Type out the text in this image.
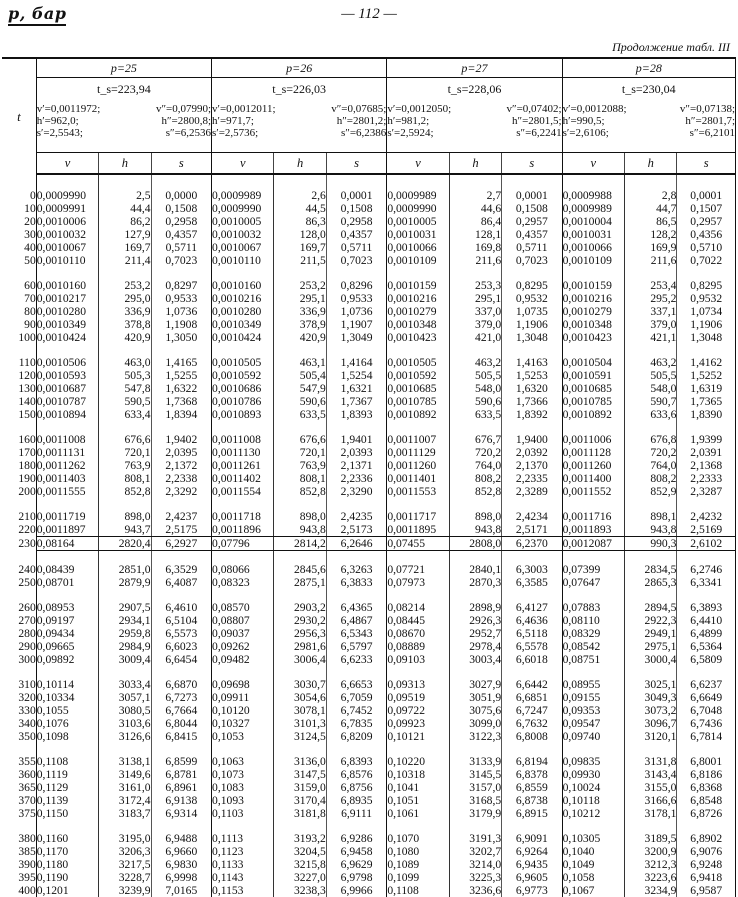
p, бар	— 112 —
Продолжение табл. III
t	p=25			p=26			p=27			p=28		

t_s=223,94
v′=0,0011972;	v″=0,07990;
h′=962,0;	h″=2800,8;
s′=2,5543;	s″=6,2536

t_s=226,03
v′=0,0012011;	v″=0,07685;
h′=971,7;	h″=2801,2;
s′=2,5736;	s″=6,2386

t_s=228,06
v′=0,0012050;	v″=0,07402;
h′=981,2;	h″=2801,5;
s′=2,5924;	s″=6,2241

t_s=230,04
v′=0,0012088;	v″=0,07138;
h′=990,5;	h″=2801,7;
s′=2,6106;	s″=6,2101

	v	h	s	v	h	s	v	h	s	v	h	s

0	0,0009990	2,5	0,0000	0,0009989	2,6	0,0001	0,0009989	2,7	0,0001	0,0009988	2,8	0,0001
10	0,0009991	44,4	0,1508	0,0009990	44,5	0,1508	0,0009990	44,6	0,1508	0,0009989	44,7	0,1507
20	0,0010006	86,2	0,2958	0,0010005	86,3	0,2958	0,0010005	86,4	0,2957	0,0010004	86,5	0,2957
30	0,0010032	127,9	0,4357	0,0010032	128,0	0,4357	0,0010031	128,1	0,4357	0,0010031	128,2	0,4356
40	0,0010067	169,7	0,5711	0,0010067	169,7	0,5711	0,0010066	169,8	0,5711	0,0010066	169,9	0,5710
50	0,0010110	211,4	0,7023	0,0010110	211,5	0,7023	0,0010109	211,6	0,7023	0,0010109	211,6	0,7022

60	0,0010160	253,2	0,8297	0,0010160	253,2	0,8296	0,0010159	253,3	0,8295	0,0010159	253,4	0,8295
70	0,0010217	295,0	0,9533	0,0010216	295,1	0,9533	0,0010216	295,1	0,9532	0,0010216	295,2	0,9532
80	0,0010280	336,9	1,0736	0,0010280	336,9	1,0736	0,0010279	337,0	1,0735	0,0010279	337,1	1,0734
90	0,0010349	378,8	1,1908	0,0010349	378,9	1,1907	0,0010348	379,0	1,1906	0,0010348	379,0	1,1906
100	0,0010424	420,9	1,3050	0,0010424	420,9	1,3049	0,0010423	421,0	1,3048	0,0010423	421,1	1,3048

110	0,0010506	463,0	1,4165	0,0010505	463,1	1,4164	0,0010505	463,2	1,4163	0,0010504	463,2	1,4162
120	0,0010593	505,3	1,5255	0,0010592	505,4	1,5254	0,0010592	505,5	1,5253	0,0010591	505,5	1,5252
130	0,0010687	547,8	1,6322	0,0010686	547,9	1,6321	0,0010685	548,0	1,6320	0,0010685	548,0	1,6319
140	0,0010787	590,5	1,7368	0,0010786	590,6	1,7367	0,0010785	590,6	1,7366	0,0010785	590,7	1,7365
150	0,0010894	633,4	1,8394	0,0010893	633,5	1,8393	0,0010892	633,5	1,8392	0,0010892	633,6	1,8390

160	0,0011008	676,6	1,9402	0,0011008	676,6	1,9401	0,0011007	676,7	1,9400	0,0011006	676,8	1,9399
170	0,0011131	720,1	2,0395	0,0011130	720,1	2,0393	0,0011129	720,2	2,0392	0,0011128	720,2	2,0391
180	0,0011262	763,9	2,1372	0,0011261	763,9	2,1371	0,0011260	764,0	2,1370	0,0011260	764,0	2,1368
190	0,0011403	808,1	2,2338	0,0011402	808,1	2,2336	0,0011401	808,2	2,2335	0,0011400	808,2	2,2333
200	0,0011555	852,8	2,3292	0,0011554	852,8	2,3290	0,0011553	852,8	2,3289	0,0011552	852,9	2,3287

210	0,0011719	898,0	2,4237	0,0011718	898,0	2,4235	0,0011717	898,0	2,4234	0,0011716	898,1	2,4232
220	0,0011897	943,7	2,5175	0,0011896	943,8	2,5173	0,0011895	943,8	2,5171	0,0011893	943,8	2,5169
230	0,08164	2820,4	6,2927	0,07796	2814,2	6,2646	0,07455	2808,0	6,2370	0,0012087	990,3	2,6102

240	0,08439	2851,0	6,3529	0,08066	2845,6	6,3263	0,07721	2840,1	6,3003	0,07399	2834,5	6,2746
250	0,08701	2879,9	6,4087	0,08323	2875,1	6,3833	0,07973	2870,3	6,3585	0,07647	2865,3	6,3341

260	0,08953	2907,5	6,4610	0,08570	2903,2	6,4365	0,08214	2898,9	6,4127	0,07883	2894,5	6,3893
270	0,09197	2934,1	6,5104	0,08807	2930,2	6,4867	0,08445	2926,3	6,4636	0,08110	2922,3	6,4410
280	0,09434	2959,8	6,5573	0,09037	2956,3	6,5343	0,08670	2952,7	6,5118	0,08329	2949,1	6,4899
290	0,09665	2984,9	6,6023	0,09262	2981,6	6,5797	0,08889	2978,4	6,5578	0,08542	2975,1	6,5364
300	0,09892	3009,4	6,6454	0,09482	3006,4	6,6233	0,09103	3003,4	6,6018	0,08751	3000,4	6,5809

310	0,10114	3033,4	6,6870	0,09698	3030,7	6,6653	0,09313	3027,9	6,6442	0,08955	3025,1	6,6237
320	0,10334	3057,1	6,7273	0,09911	3054,6	6,7059	0,09519	3051,9	6,6851	0,09155	3049,3	6,6649
330	0,1055	3080,5	6,7664	0,10120	3078,1	6,7452	0,09722	3075,6	6,7247	0,09353	3073,2	6,7048
340	0,1076	3103,6	6,8044	0,10327	3101,3	6,7835	0,09923	3099,0	6,7632	0,09547	3096,7	6,7436
350	0,1098	3126,6	6,8415	0,1053	3124,5	6,8209	0,10121	3122,3	6,8008	0,09740	3120,1	6,7814

355	0,1108	3138,1	6,8599	0,1063	3136,0	6,8393	0,10220	3133,9	6,8194	0,09835	3131,8	6,8001
360	0,1119	3149,6	6,8781	0,1073	3147,5	6,8576	0,10318	3145,5	6,8378	0,09930	3143,4	6,8186
365	0,1129	3161,0	6,8961	0,1083	3159,0	6,8756	0,1041	3157,0	6,8559	0,10024	3155,0	6,8368
370	0,1139	3172,4	6,9138	0,1093	3170,4	6,8935	0,1051	3168,5	6,8738	0,10118	3166,6	6,8548
375	0,1150	3183,7	6,9314	0,1103	3181,8	6,9111	0,1061	3179,9	6,8915	0,10212	3178,1	6,8726

380	0,1160	3195,0	6,9488	0,1113	3193,2	6,9286	0,1070	3191,3	6,9091	0,10305	3189,5	6,8902
385	0,1170	3206,3	6,9660	0,1123	3204,5	6,9458	0,1080	3202,7	6,9264	0,1040	3200,9	6,9076
390	0,1180	3217,5	6,9830	0,1133	3215,8	6,9629	0,1089	3214,0	6,9435	0,1049	3212,3	6,9248
395	0,1190	3228,7	6,9998	0,1143	3227,0	6,9798	0,1099	3225,3	6,9605	0,1058	3223,6	6,9418
400	0,1201	3239,9	7,0165	0,1153	3238,3	6,9966	0,1108	3236,6	6,9773	0,1067	3234,9	6,9587
